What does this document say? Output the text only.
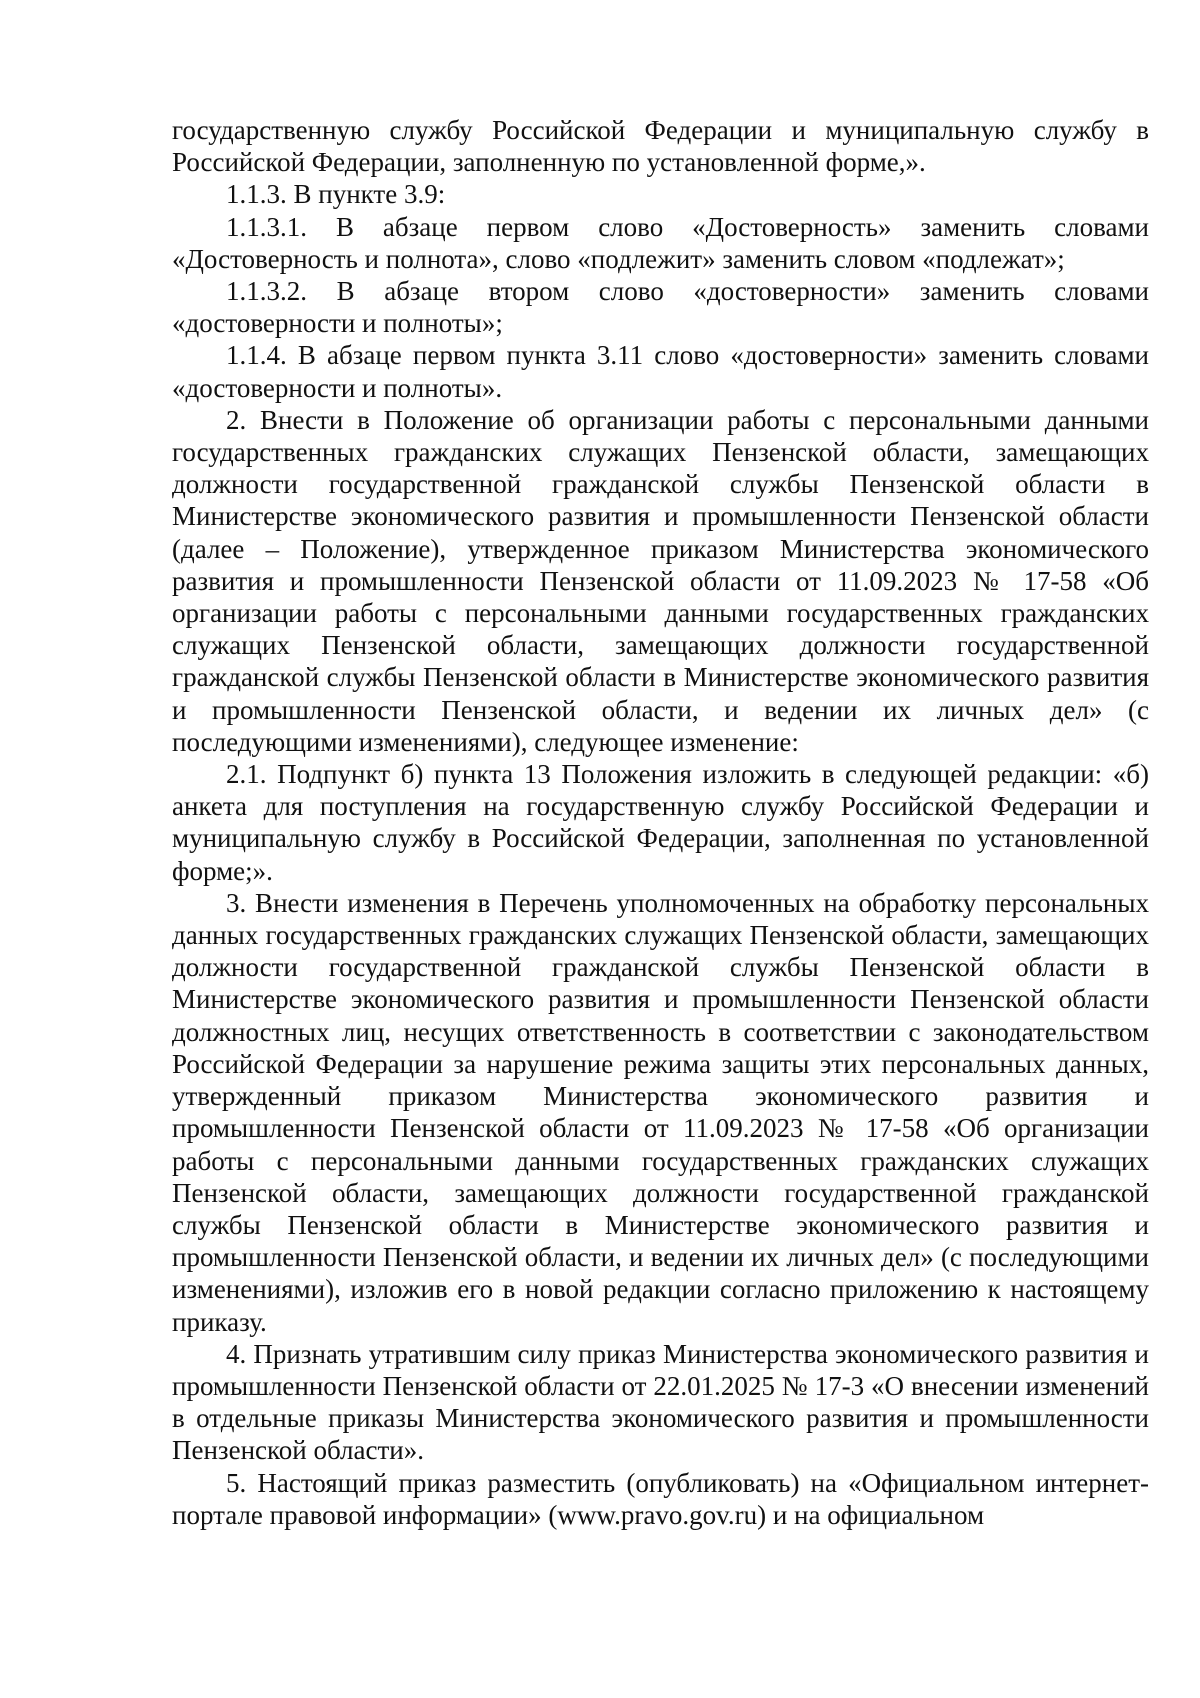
государственную службу Российской Федерации и муниципальную службу в Российской Федерации, заполненную по установленной форме,».

1.1.3. В пункте 3.9:

1.1.3.1. В абзаце первом слово «Достоверность» заменить словами «Достоверность и полнота», слово «подлежит» заменить словом «подлежат»;

1.1.3.2. В абзаце втором слово «достоверности» заменить словами «достоверности и полноты»;

1.1.4. В абзаце первом пункта 3.11 слово «достоверности» заменить словами «достоверности и полноты».

2. Внести в Положение об организации работы с персональными данными государственных гражданских служащих Пензенской области, замещающих должности государственной гражданской службы Пензенской области в Министерстве экономического развития и промышленности Пензенской области (далее – Положение), утвержденное приказом Министерства экономического развития и промышленности Пензенской области от 11.09.2023 № 17-58 «Об организации работы с персональными данными государственных гражданских служащих Пензенской области, замещающих должности государственной гражданской службы Пензенской области в Министерстве экономического развития и промышленности Пензенской области, и ведении их личных дел» (с последующими изменениями), следующее изменение:

2.1. Подпункт б) пункта 13 Положения изложить в следующей редакции: «б) анкета для поступления на государственную службу Российской Федерации и муниципальную службу в Российской Федерации, заполненная по установленной форме;».

3. Внести изменения в Перечень уполномоченных на обработку персональных данных государственных гражданских служащих Пензенской области, замещающих должности государственной гражданской службы Пензенской области в Министерстве экономического развития и промышленности Пензенской области должностных лиц, несущих ответственность в соответствии с законодательством Российской Федерации за нарушение режима защиты этих персональных данных, утвержденный приказом Министерства экономического развития и промышленности Пензенской области от 11.09.2023 № 17-58 «Об организации работы с персональными данными государственных гражданских служащих Пензенской области, замещающих должности государственной гражданской службы Пензенской области в Министерстве экономического развития и промышленности Пензенской области, и ведении их личных дел» (с последующими изменениями), изложив его в новой редакции согласно приложению к настоящему приказу.

4. Признать утратившим силу приказ Министерства экономического развития и промышленности Пензенской области от 22.01.2025 № 17-3 «О внесении изменений в отдельные приказы Министерства экономического развития и промышленности Пензенской области».

5. Настоящий приказ разместить (опубликовать) на «Официальном интернет-портале правовой информации» (www.pravo.gov.ru) и на официальном
